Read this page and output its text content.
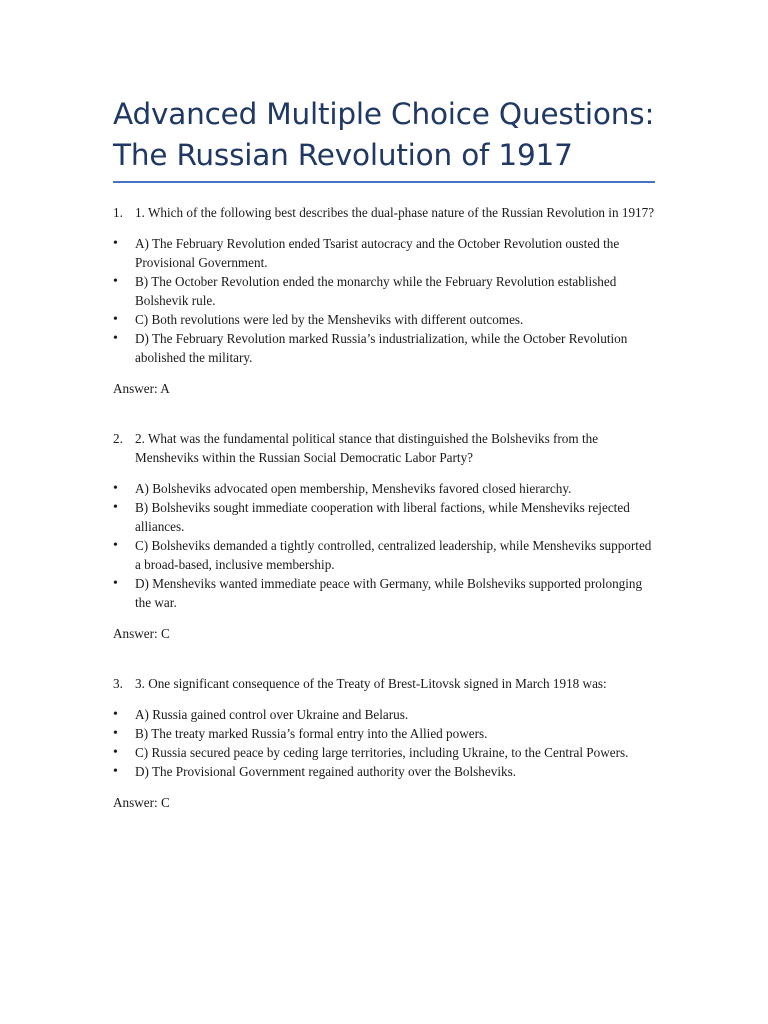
Advanced Multiple Choice Questions:
The Russian Revolution of 1917
1. 1. Which of the following best describes the dual-phase nature of the Russian Revolution in 1917?
• A) The February Revolution ended Tsarist autocracy and the October Revolution ousted the Provisional Government.
• B) The October Revolution ended the monarchy while the February Revolution established Bolshevik rule.
• C) Both revolutions were led by the Mensheviks with different outcomes.
• D) The February Revolution marked Russia’s industrialization, while the October Revolution abolished the military.
Answer: A
2. 2. What was the fundamental political stance that distinguished the Bolsheviks from the Mensheviks within the Russian Social Democratic Labor Party?
• A) Bolsheviks advocated open membership, Mensheviks favored closed hierarchy.
• B) Bolsheviks sought immediate cooperation with liberal factions, while Mensheviks rejected alliances.
• C) Bolsheviks demanded a tightly controlled, centralized leadership, while Mensheviks supported a broad-based, inclusive membership.
• D) Mensheviks wanted immediate peace with Germany, while Bolsheviks supported prolonging the war.
Answer: C
3. 3. One significant consequence of the Treaty of Brest-Litovsk signed in March 1918 was:
• A) Russia gained control over Ukraine and Belarus.
• B) The treaty marked Russia’s formal entry into the Allied powers.
• C) Russia secured peace by ceding large territories, including Ukraine, to the Central Powers.
• D) The Provisional Government regained authority over the Bolsheviks.
Answer: C
